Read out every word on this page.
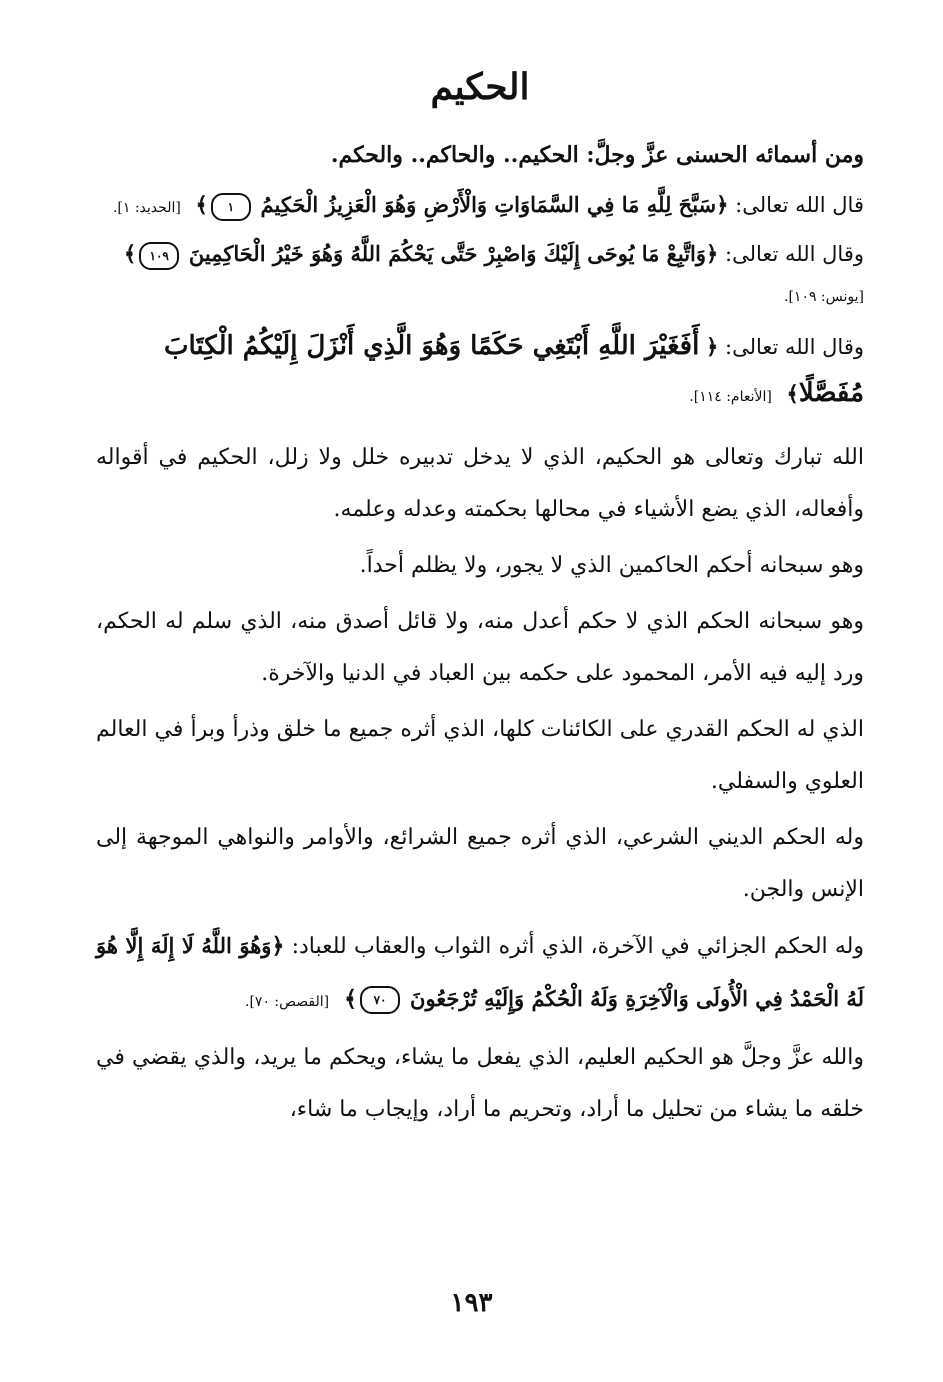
الحكيم
ومن أسمائه الحسنى عزَّ وجلَّ: الحكيم.. والحاكم.. والحكم.
قال الله تعالى: ﴿سَبَّحَ لِلَّهِ مَا فِي السَّمَاوَاتِ وَالْأَرْضِ وَهُوَ الْعَزِيزُ الْحَكِيمُ ١﴾ [الحديد: ١].
وقال الله تعالى: ﴿وَاتَّبِعْ مَا يُوحَى إِلَيْكَ وَاصْبِرْ حَتَّى يَحْكُمَ اللَّهُ وَهُوَ خَيْرُ الْحَاكِمِينَ ١٠٩﴾
[يونس: ١٠٩].
وقال الله تعالى: ﴿ أَفَغَيْرَ اللَّهِ أَبْتَغِي حَكَمًا وَهُوَ الَّذِي أَنْزَلَ إِلَيْكُمُ الْكِتَابَ
مُفَصَّلًا﴾ [الأنعام: ١١٤].

الله تبارك وتعالى هو الحكيم، الذي لا يدخل تدبيره خلل ولا زلل، الحكيم في أقواله وأفعاله، الذي يضع الأشياء في محالها بحكمته وعدله وعلمه.

وهو سبحانه أحكم الحاكمين الذي لا يجور، ولا يظلم أحداً.

وهو سبحانه الحكم الذي لا حكم أعدل منه، ولا قائل أصدق منه، الذي سلم له الحكم، ورد إليه فيه الأمر، المحمود على حكمه بين العباد في الدنيا والآخرة.

الذي له الحكم القدري على الكائنات كلها، الذي أثره جميع ما خلق وذرأ وبرأ في العالم العلوي والسفلي.

وله الحكم الديني الشرعي، الذي أثره جميع الشرائع، والأوامر والنواهي الموجهة إلى الإنس والجن.

وله الحكم الجزائي في الآخرة، الذي أثره الثواب والعقاب للعباد: ﴿وَهُوَ اللَّهُ لَا إِلَهَ إِلَّا هُوَ لَهُ الْحَمْدُ فِي الْأُولَى وَالْآخِرَةِ وَلَهُ الْحُكْمُ وَإِلَيْهِ تُرْجَعُونَ ٧٠﴾ [القصص: ٧٠].

والله عزَّ وجلَّ هو الحكيم العليم، الذي يفعل ما يشاء، ويحكم ما يريد، والذي يقضي في خلقه ما يشاء من تحليل ما أراد، وتحريم ما أراد، وإيجاب ما شاء،

١٩٣
